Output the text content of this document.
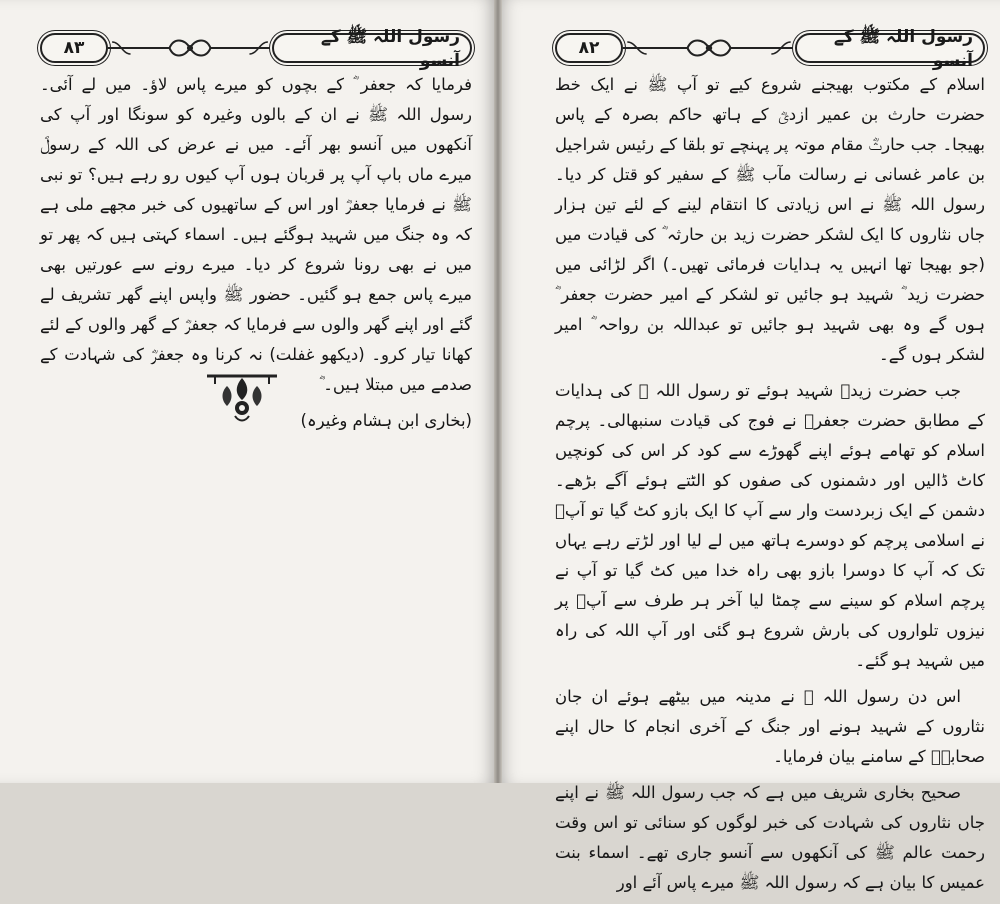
۸۳
رسول اللہ ﷺ کے آنسو

فرمایا کہ جعفر ؓ کے بچوں کو میرے پاس لاؤ۔ میں لے آئی۔ رسول اللہ ﷺ نے ان کے بالوں وغیرہ کو سونگا اور آپ کی آنکھوں میں آنسو بھر آئے۔ میں نے عرض کی اللہ کے رسولؐ میرے ماں باپ آپ پر قربان ہوں آپ کیوں رو رہے ہیں؟ تو نبی ﷺ نے فرمایا جعفرؓ اور اس کے ساتھیوں کی خبر مجھے ملی ہے کہ وہ جنگ میں شہید ہوگئے ہیں۔ اسماء کہتی ہیں کہ پھر تو میں نے بھی رونا شروع کر دیا۔ میرے رونے سے عورتیں بھی میرے پاس جمع ہو گئیں۔ حضور ﷺ واپس اپنے گھر تشریف لے گئے اور اپنے گھر والوں سے فرمایا کہ جعفرؓ کے گھر والوں کے لئے کھانا تیار کرو۔ (دیکھو غفلت) نہ کرنا وہ جعفرؓ کی شہادت کے صدمے میں مبتلا ہیں۔ ؓ

(بخاری ابن ہشام وغیرہ)

۸۲
رسول اللہ ﷺ کے آنسو

اسلام کے مکتوب بھیجنے شروع کیے تو آپ ﷺ نے ایک خط حضرت حارث بن عمیر ازدیؓ کے ہاتھ حاکم بصرہ کے پاس بھیجا۔ جب حارثؓ مقام موتہ پر پہنچے تو بلقا کے رئیس شراجیل بن عامر غسانی نے رسالت مآب ﷺ کے سفیر کو قتل کر دیا۔ رسول اللہ ﷺ نے اس زیادتی کا انتقام لینے کے لئے تین ہزار جاں نثاروں کا ایک لشکر حضرت زید بن حارثہ ؓ کی قیادت میں (جو بھیجا تھا انہیں یہ ہدایات فرمائی تھیں۔) اگر لڑائی میں حضرت زید ؓ شہید ہو جائیں تو لشکر کے امیر حضرت جعفر ؓ ہوں گے وہ بھی شہید ہو جائیں تو عبداللہ بن رواحہ ؓ امیر لشکر ہوں گے۔

جب حضرت زیدؓ شہید ہوئے تو رسول اللہ ﷺ کی ہدایات کے مطابق حضرت جعفرؓ نے فوج کی قیادت سنبھالی۔ پرچم اسلام کو تھامے ہوئے اپنے گھوڑے سے کود کر اس کی کونچیں کاٹ ڈالیں اور دشمنوں کی صفوں کو الٹتے ہوئے آگے بڑھے۔ دشمن کے ایک زبردست وار سے آپ کا ایک بازو کٹ گیا تو آپؓ نے اسلامی پرچم کو دوسرے ہاتھ میں لے لیا اور لڑتے رہے یہاں تک کہ آپ کا دوسرا بازو بھی راہ خدا میں کٹ گیا تو آپ نے پرچم اسلام کو سینے سے چمٹا لیا آخر ہر طرف سے آپؓ پر نیزوں تلواروں کی بارش شروع ہو گئی اور آپ اللہ کی راہ میں شہید ہو گئے۔

اس دن رسول اللہ ﷺ نے مدینہ میں بیٹھے ہوئے ان جان نثاروں کے شہید ہونے اور جنگ کے آخری انجام کا حال اپنے صحابہؓ کے سامنے بیان فرمایا۔

صحیح بخاری شریف میں ہے کہ جب رسول اللہ ﷺ نے اپنے جاں نثاروں کی شہادت کی خبر لوگوں کو سنائی تو اس وقت رحمت عالم ﷺ کی آنکھوں سے آنسو جاری تھے۔ اسماء بنت عمیس کا بیان ہے کہ رسول اللہ ﷺ میرے پاس آئے اور
